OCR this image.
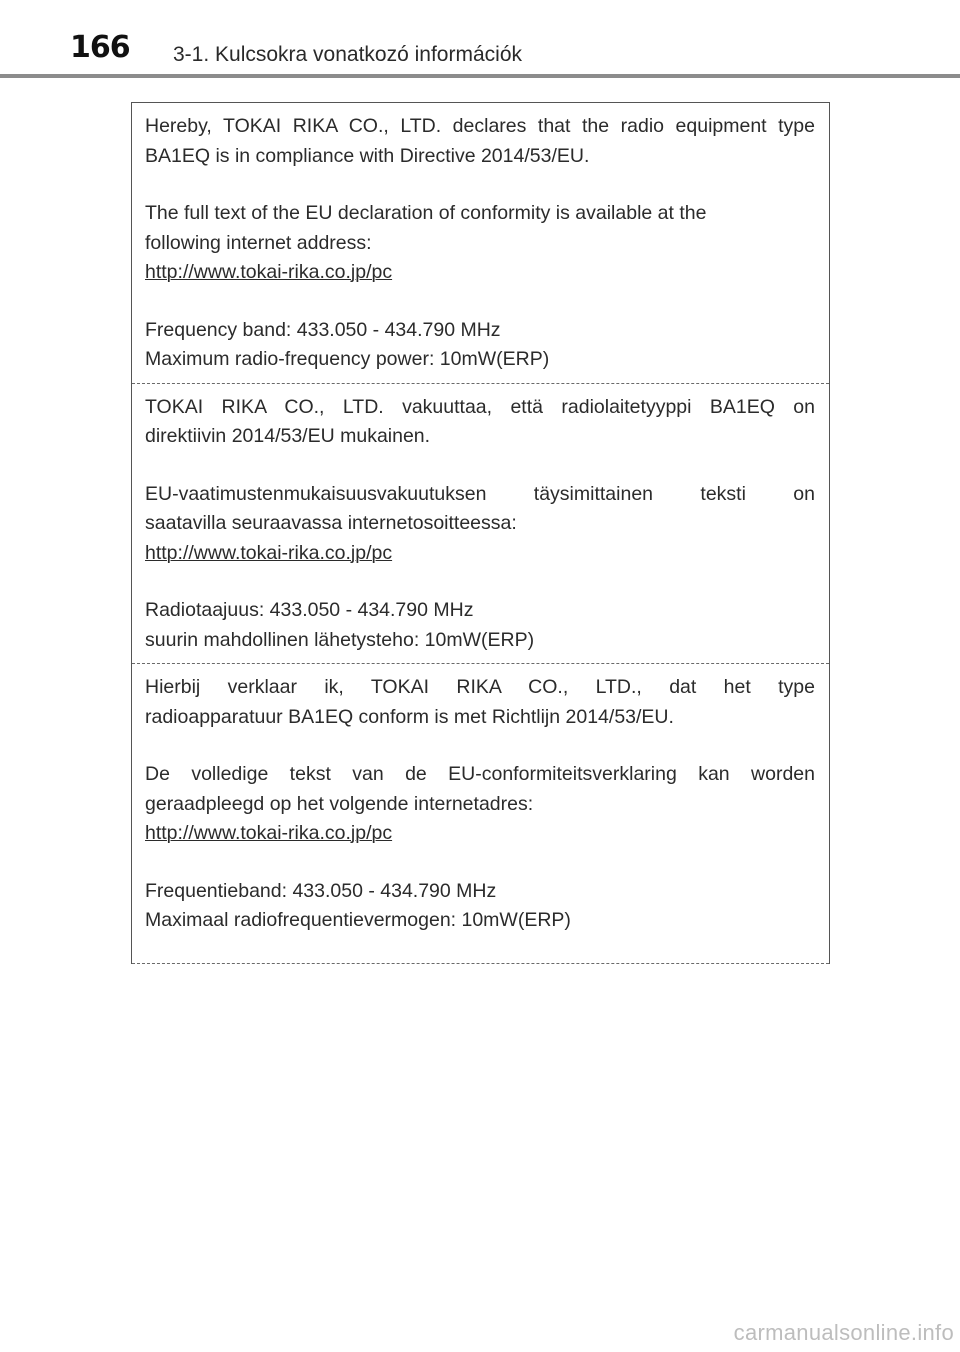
166 3-1. Kulcsokra vonatkozó információk

Hereby, TOKAI RIKA CO., LTD. declares that the radio equipment type

BA1EQ is in compliance with Directive 2014/53/EU.

The full text of the EU declaration of conformity is available at the

following internet address:

http://www.tokai-rika.co.jp/pc

Frequency band: 433.050 - 434.790 MHz

Maximum radio-frequency power: 10mW(ERP)

TOKAI RIKA CO., LTD. vakuuttaa, että radiolaitetyyppi BA1EQ on

direktiivin 2014/53/EU mukainen.

EU-vaatimustenmukaisuusvakuutuksen täysimittainen teksti on

saatavilla seuraavassa internetosoitteessa:

http://www.tokai-rika.co.jp/pc

Radiotaajuus: 433.050 - 434.790 MHz

suurin mahdollinen lähetysteho: 10mW(ERP)

Hierbij verklaar ik, TOKAI RIKA CO., LTD., dat het type

radioapparatuur BA1EQ conform is met Richtlijn 2014/53/EU.

De volledige tekst van de EU-conformiteitsverklaring kan worden

geraadpleegd op het volgende internetadres:

http://www.tokai-rika.co.jp/pc

Frequentieband: 433.050 - 434.790 MHz

Maximaal radiofrequentievermogen: 10mW(ERP)

carmanualsonline.info
